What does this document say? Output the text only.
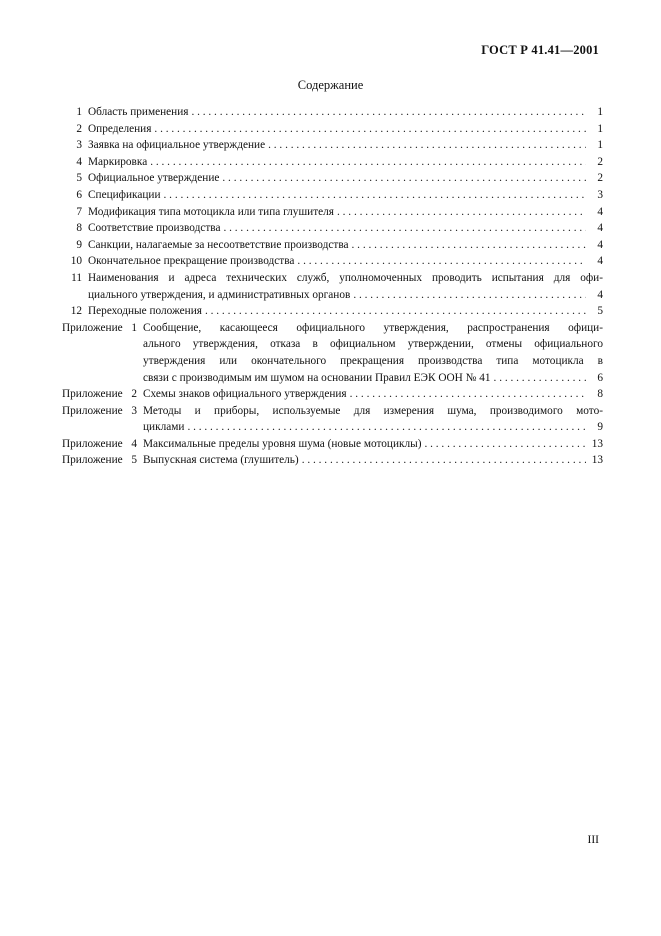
ГОСТ Р 41.41—2001
Содержание
1 Область применения . . .	1
2 Определения . . .	1
3 Заявка на официальное утверждение . . .	1
4 Маркировка . . .	2
5 Официальное утверждение . . .	2
6 Спецификации . . .	3
7 Модификация типа мотоцикла или типа глушителя . . .	4
8 Соответствие производства . . .	4
9 Санкции, налагаемые за несоответствие производства . . .	4
10 Окончательное прекращение производства . . .	4
11 Наименования и адреса технических служб, уполномоченных проводить испытания для офи-
циального утверждения, и административных органов . . .	4
12 Переходные положения . . .	5
Приложение 1 Сообщение, касающееся официального утверждения, распространения офици-
ального утверждения, отказа в официальном утверждении, отмены официального
утверждения или окончательного прекращения производства типа мотоцикла в
связи с производимым им шумом на основании Правил ЕЭК ООН № 41 . . .	6
Приложение 2 Схемы знаков официального утверждения . . .	8
Приложение 3 Методы и приборы, используемые для измерения шума, производимого мото-
циклами . . .	9
Приложение 4 Максимальные пределы уровня шума (новые мотоциклы) . . .	13
Приложение 5 Выпускная система (глушитель) . . .	13
III
